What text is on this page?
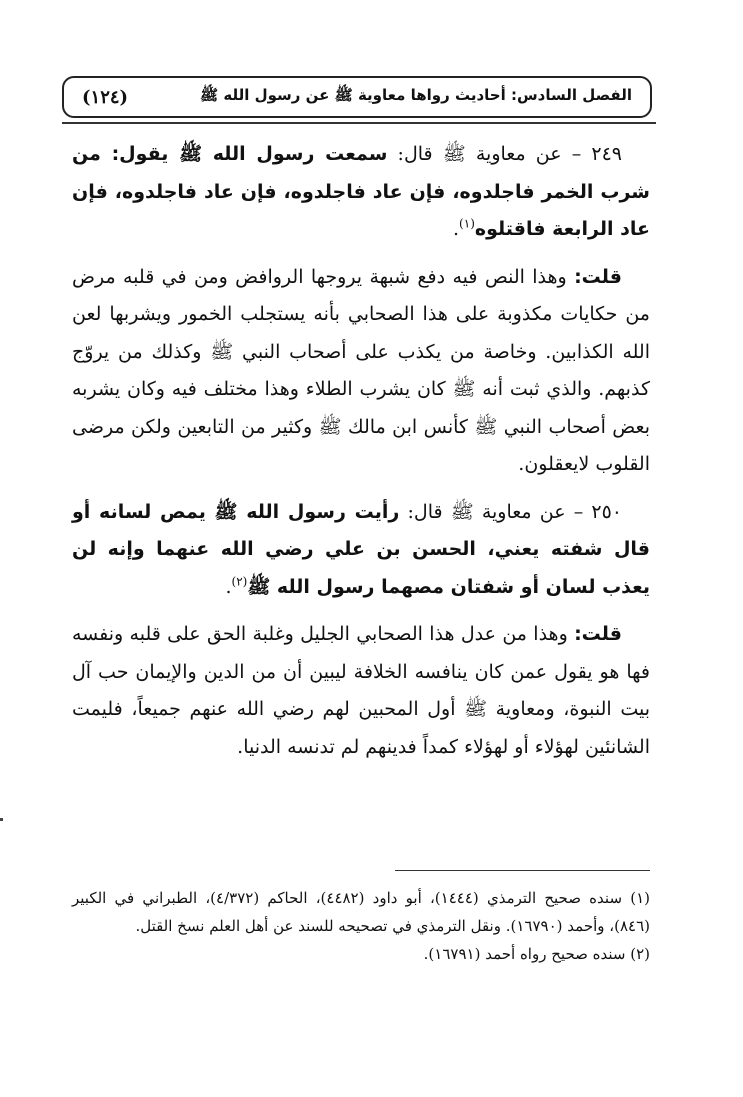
الفصل السادس: أحاديث رواها معاوية ﷺ عن رسول الله ﷺ
(١٢٤)

٢٤٩ – عن معاوية ﷺ قال: سمعت رسول الله ﷺ يقول: من شرب الخمر فاجلدوه، فإن عاد فاجلدوه، فإن عاد فاجلدوه، فإن عاد الرابعة فاقتلوه$^{(١)}$.

قلت: وهذا النص فيه دفع شبهة يروجها الروافض ومن في قلبه مرض من حكايات مكذوبة على هذا الصحابي بأنه يستجلب الخمور ويشربها لعن الله الكذابين. وخاصة من يكذب على أصحاب النبي ﷺ وكذلك من يروّج كذبهم. والذي ثبت أنه ﷺ كان يشرب الطلاء وهذا مختلف فيه وكان يشربه بعض أصحاب النبي ﷺ كأنس ابن مالك ﷺ وكثير من التابعين ولكن مرضى القلوب لايعقلون.

٢٥٠ – عن معاوية ﷺ قال: رأيت رسول الله ﷺ يمص لسانه أو قال شفته يعني، الحسن بن علي رضي الله عنهما وإنه لن يعذب لسان أو شفتان مصهما رسول الله ﷺ$^{(٢)}$.

قلت: وهذا من عدل هذا الصحابي الجليل وغلبة الحق على قلبه ونفسه فها هو يقول عمن كان ينافسه الخلافة ليبين أن من الدين والإيمان حب آل بيت النبوة، ومعاوية ﷺ أول المحبين لهم رضي الله عنهم جميعاً، فليمت الشانئين لهؤلاء أو لهؤلاء كمداً فدينهم لم تدنسه الدنيا.

(١) سنده صحيح الترمذي (١٤٤٤)، أبو داود (٤٤٨٢)، الحاكم (٤/٣٧٢)، الطبراني في الكبير (٨٤٦)، وأحمد (١٦٧٩٠). ونقل الترمذي في تصحيحه للسند عن أهل العلم نسخ القتل.

(٢) سنده صحيح رواه أحمد (١٦٧٩١).
